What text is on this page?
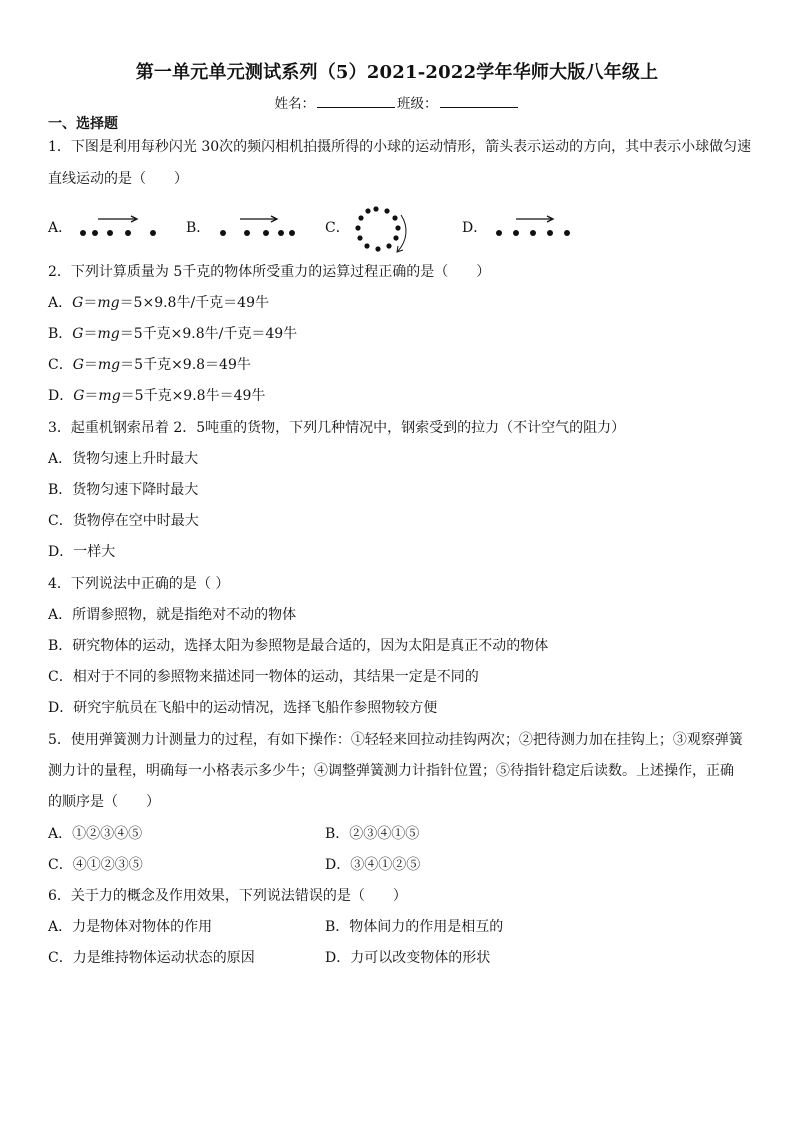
第一单元单元测试系列（5）2021-2022学年华师大版八年级上
姓名：	班级：
一、选择题
1．下图是利用每秒闪光 30次的频闪相机拍摄所得的小球的运动情形，箭头表示运动的方向，其中表示小球做匀速
直线运动的是（　　）
A．	B．	C．	D．
2．下列计算质量为 5千克的物体所受重力的运算过程正确的是（　　）
A．G＝mg＝5×9.8牛/千克＝49牛
B．G＝mg＝5千克×9.8牛/千克＝49牛
C．G＝mg＝5千克×9.8＝49牛
D．G＝mg＝5千克×9.8牛＝49牛
3．起重机钢索吊着 2．5吨重的货物，下列几种情况中，钢索受到的拉力（不计空气的阻力）
A．货物匀速上升时最大
B．货物匀速下降时最大
C．货物停在空中时最大
D．一样大
4．下列说法中正确的是（ ）
A．所谓参照物，就是指绝对不动的物体
B．研究物体的运动，选择太阳为参照物是最合适的，因为太阳是真正不动的物体
C．相对于不同的参照物来描述同一物体的运动，其结果一定是不同的
D．研究宇航员在飞船中的运动情况，选择飞船作参照物较方便
5．使用弹簧测力计测量力的过程，有如下操作：①轻轻来回拉动挂钩两次；②把待测力加在挂钩上；③观察弹簧
测力计的量程，明确每一小格表示多少牛；④调整弹簧测力计指针位置；⑤待指针稳定后读数。上述操作，正确
的顺序是（　　）
A．①②③④⑤	B．②③④①⑤
C．④①②③⑤	D．③④①②⑤
6．关于力的概念及作用效果，下列说法错误的是（　　）
A．力是物体对物体的作用	B．物体间力的作用是相互的
C．力是维持物体运动状态的原因	D．力可以改变物体的形状
